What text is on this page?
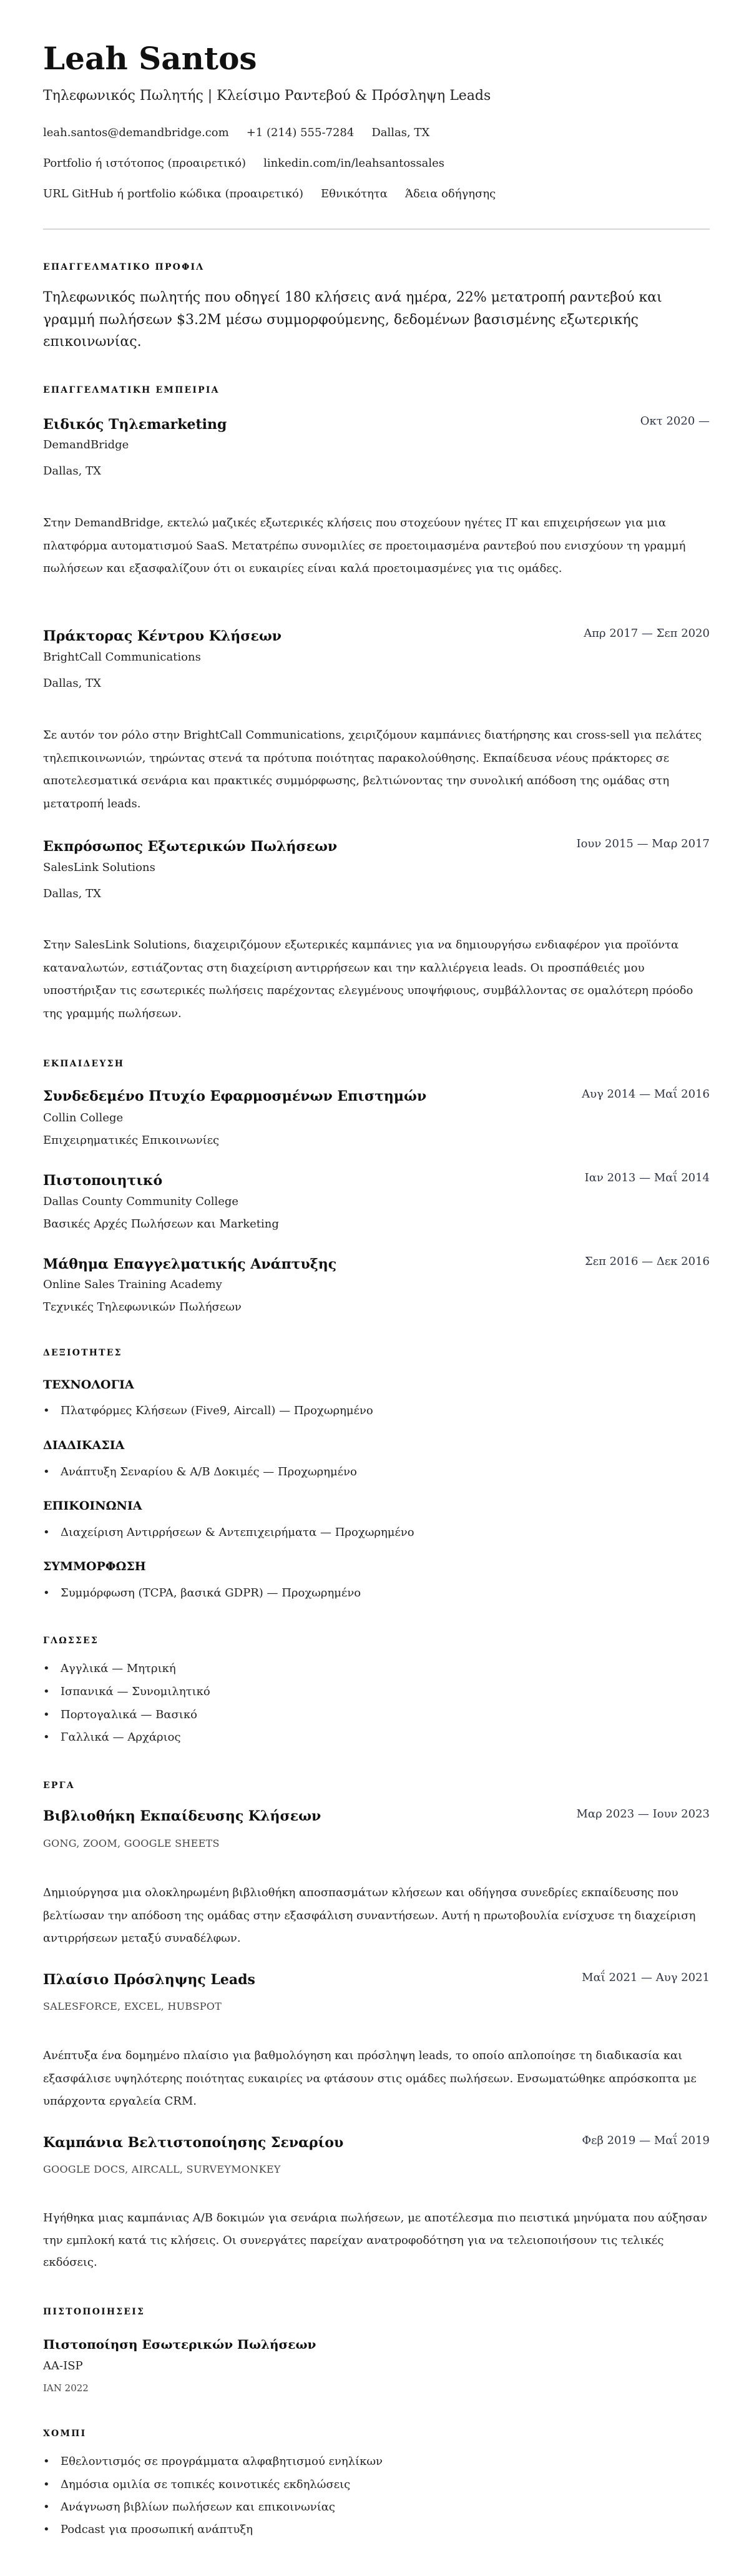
Leah Santos
Τηλεφωνικός Πωλητής | Κλείσιμο Ραντεβού & Πρόσληψη Leads
leah.santos@demandbridge.com +1 (214) 555-7284 Dallas, TX
Portfolio ή ιστότοπος (προαιρετικό) linkedin.com/in/leahsantossales
URL GitHub ή portfolio κώδικα (προαιρετικό) Εθνικότητα Άδεια οδήγησης
ΕΠΑΓΓΕΛΜΑΤΙΚΟ ΠΡΟΦΙΛ
Τηλεφωνικός πωλητής που οδηγεί 180 κλήσεις ανά ημέρα, 22% μετατροπή ραντεβού και γραμμή πωλήσεων $3.2M μέσω συμμορφούμενης, δεδομένων βασισμένης εξωτερικής επικοινωνίας.
ΕΠΑΓΓΕΛΜΑΤΙΚΗ ΕΜΠΕΙΡΙΑ
Ειδικός Τηλεmarketing	Οκτ 2020 —
DemandBridge
Dallas, TX
Στην DemandBridge, εκτελώ μαζικές εξωτερικές κλήσεις που στοχεύουν ηγέτες IT και επιχειρήσεων για μια πλατφόρμα αυτοματισμού SaaS. Μετατρέπω συνομιλίες σε προετοιμασμένα ραντεβού που ενισχύουν τη γραμμή πωλήσεων και εξασφαλίζουν ότι οι ευκαιρίες είναι καλά προετοιμασμένες για τις ομάδες.
Πράκτορας Κέντρου Κλήσεων	Απρ 2017 — Σεπ 2020
BrightCall Communications
Dallas, TX
Σε αυτόν τον ρόλο στην BrightCall Communications, χειριζόμουν καμπάνιες διατήρησης και cross-sell για πελάτες τηλεπικοινωνιών, τηρώντας στενά τα πρότυπα ποιότητας παρακολούθησης. Εκπαίδευσα νέους πράκτορες σε αποτελεσματικά σενάρια και πρακτικές συμμόρφωσης, βελτιώνοντας την συνολική απόδοση της ομάδας στη μετατροπή leads.
Εκπρόσωπος Εξωτερικών Πωλήσεων	Ιουν 2015 — Μαρ 2017
SalesLink Solutions
Dallas, TX
Στην SalesLink Solutions, διαχειριζόμουν εξωτερικές καμπάνιες για να δημιουργήσω ενδιαφέρον για προϊόντα καταναλωτών, εστιάζοντας στη διαχείριση αντιρρήσεων και την καλλιέργεια leads. Οι προσπάθειές μου υποστήριξαν τις εσωτερικές πωλήσεις παρέχοντας ελεγμένους υποψήφιους, συμβάλλοντας σε ομαλότερη πρόοδο της γραμμής πωλήσεων.
ΕΚΠΑΙΔΕΥΣΗ
Συνδεδεμένο Πτυχίο Εφαρμοσμένων Επιστημών	Αυγ 2014 — Μαΐ 2016
Collin College
Επιχειρηματικές Επικοινωνίες
Πιστοποιητικό	Ιαν 2013 — Μαΐ 2014
Dallas County Community College
Βασικές Αρχές Πωλήσεων και Marketing
Μάθημα Επαγγελματικής Ανάπτυξης	Σεπ 2016 — Δεκ 2016
Online Sales Training Academy
Τεχνικές Τηλεφωνικών Πωλήσεων
ΔΕΞΙΟΤΗΤΕΣ
ΤΕΧΝΟΛΟΓΙΑ
• Πλατφόρμες Κλήσεων (Five9, Aircall) — Προχωρημένο
ΔΙΑΔΙΚΑΣΙΑ
• Ανάπτυξη Σεναρίου & A/B Δοκιμές — Προχωρημένο
ΕΠΙΚΟΙΝΩΝΙΑ
• Διαχείριση Αντιρρήσεων & Αντεπιχειρήματα — Προχωρημένο
ΣΥΜΜΟΡΦΩΣΗ
• Συμμόρφωση (TCPA, βασικά GDPR) — Προχωρημένο
ΓΛΩΣΣΕΣ
• Αγγλικά — Μητρική
• Ισπανικά — Συνομιλητικό
• Πορτογαλικά — Βασικό
• Γαλλικά — Αρχάριος
ΕΡΓΑ
Βιβλιοθήκη Εκπαίδευσης Κλήσεων	Μαρ 2023 — Ιουν 2023
GONG, ZOOM, GOOGLE SHEETS
Δημιούργησα μια ολοκληρωμένη βιβλιοθήκη αποσπασμάτων κλήσεων και οδήγησα συνεδρίες εκπαίδευσης που βελτίωσαν την απόδοση της ομάδας στην εξασφάλιση συναντήσεων. Αυτή η πρωτοβουλία ενίσχυσε τη διαχείριση αντιρρήσεων μεταξύ συναδέλφων.
Πλαίσιο Πρόσληψης Leads	Μαΐ 2021 — Αυγ 2021
SALESFORCE, EXCEL, HUBSPOT
Ανέπτυξα ένα δομημένο πλαίσιο για βαθμολόγηση και πρόσληψη leads, το οποίο απλοποίησε τη διαδικασία και εξασφάλισε υψηλότερης ποιότητας ευκαιρίες να φτάσουν στις ομάδες πωλήσεων. Ενσωματώθηκε απρόσκοπτα με υπάρχοντα εργαλεία CRM.
Καμπάνια Βελτιστοποίησης Σεναρίου	Φεβ 2019 — Μαΐ 2019
GOOGLE DOCS, AIRCALL, SURVEYMONKEY
Ηγήθηκα μιας καμπάνιας A/B δοκιμών για σενάρια πωλήσεων, με αποτέλεσμα πιο πειστικά μηνύματα που αύξησαν την εμπλοκή κατά τις κλήσεις. Οι συνεργάτες παρείχαν ανατροφοδότηση για να τελειοποιήσουν τις τελικές εκδόσεις.
ΠΙΣΤΟΠΟΙΗΣΕΙΣ
Πιστοποίηση Εσωτερικών Πωλήσεων
AA-ISP
ΙΑΝ 2022
ΧΟΜΠΙ
• Εθελοντισμός σε προγράμματα αλφαβητισμού ενηλίκων
• Δημόσια ομιλία σε τοπικές κοινοτικές εκδηλώσεις
• Ανάγνωση βιβλίων πωλήσεων και επικοινωνίας
• Podcast για προσωπική ανάπτυξη
